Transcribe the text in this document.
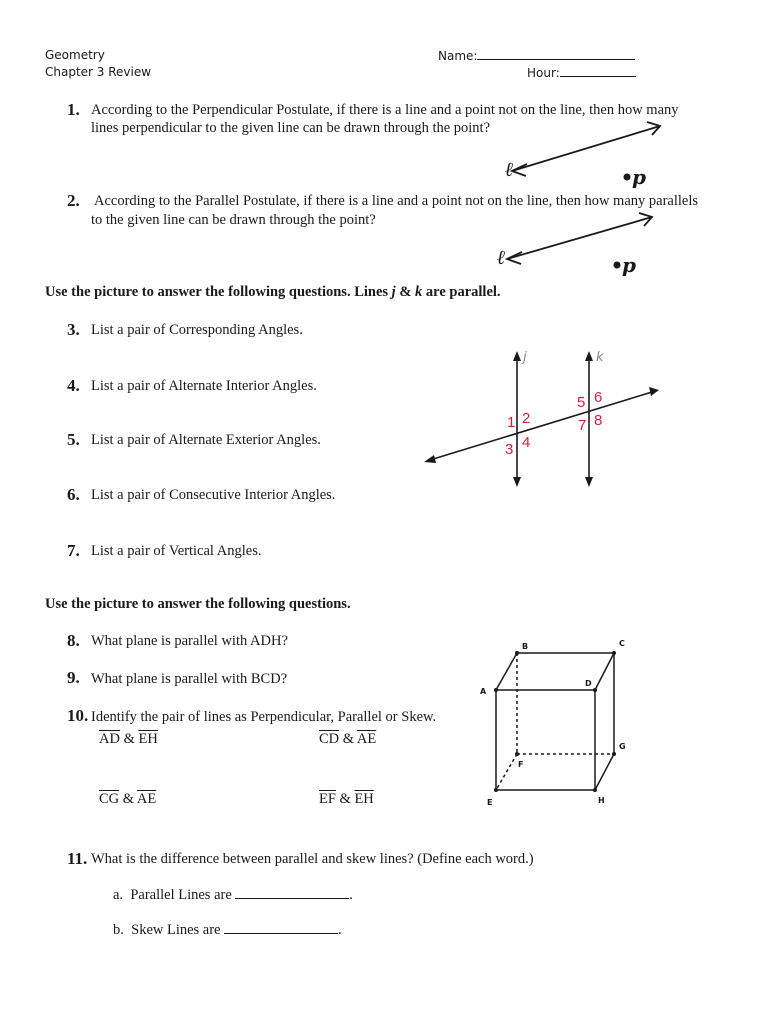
Geometry
Chapter 3 Review
Name:
Hour:
1. According to the Perpendicular Postulate, if there is a line and a point not on the line, then how many
lines perpendicular to the given line can be drawn through the point?
ℓ	p
2. According to the Parallel Postulate, if there is a line and a point not on the line, then how many parallels
to the given line can be drawn through the point?
ℓ	p
Use the picture to answer the following questions. Lines j & k are parallel.
3. List a pair of Corresponding Angles.
4. List a pair of Alternate Interior Angles.
5. List a pair of Alternate Exterior Angles.
6. List a pair of Consecutive Interior Angles.
7. List a pair of Vertical Angles.
j	k
1 2
3 4
5 6
7 8
Use the picture to answer the following questions.
8. What plane is parallel with ADH?
9. What plane is parallel with BCD?
10. Identify the pair of lines as Perpendicular, Parallel or Skew.
$\overline{AD}$ & $\overline{EH}$	$\overline{CD}$ & $\overline{AE}$
$\overline{CG}$ & $\overline{AE}$	$\overline{EF}$ & $\overline{EH}$
B	C
A
D
G
F
E	H
11. What is the difference between parallel and skew lines? (Define each word.)
a. Parallel Lines are	.
b. Skew Lines are	.
